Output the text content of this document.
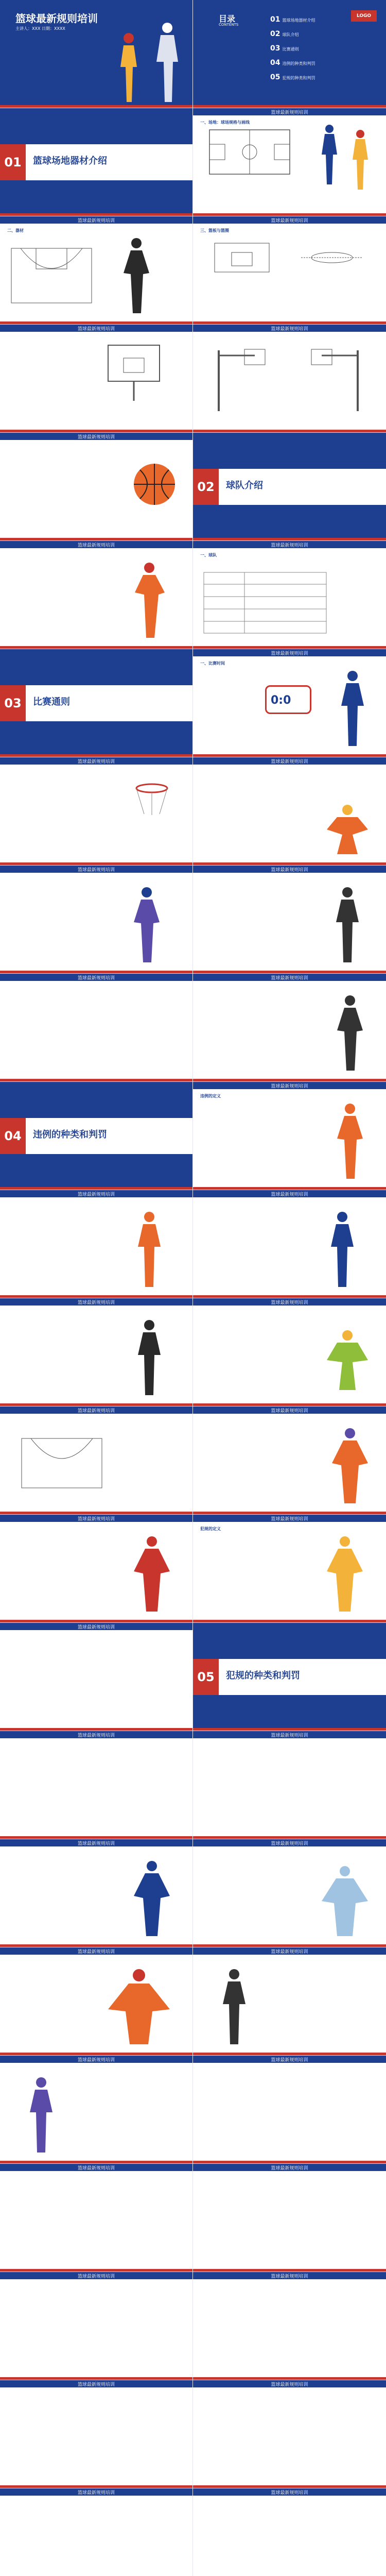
篮球最新规则培训
主讲人：XXX 日期：XXXX
目录
CONTENTS
LOGO
01 篮球场地器材介绍
02 球队介绍
03 比赛通则
04 违例的种类和判罚
05 犯规的种类和判罚
01	篮球场地器材介绍
篮球最新规则培训
一、场地：球场规格与画线
篮球最新规则培训
二、器材
篮球最新规则培训
三、篮板与篮圈
篮球最新规则培训	篮球最新规则培训
篮球最新规则培训
02	球队介绍
篮球最新规则培训	篮球最新规则培训
一、球队
03	比赛通则
篮球最新规则培训
一、比赛时间
0:0
篮球最新规则培训	篮球最新规则培训
篮球最新规则培训	篮球最新规则培训
篮球最新规则培训	篮球最新规则培训
04	违例的种类和判罚
篮球最新规则培训
违例的定义
篮球最新规则培训	篮球最新规则培训
篮球最新规则培训	篮球最新规则培训
篮球最新规则培训	篮球最新规则培训
篮球最新规则培训	篮球最新规则培训
犯规的定义
篮球最新规则培训
05	犯规的种类和判罚
篮球最新规则培训	篮球最新规则培训
篮球最新规则培训	篮球最新规则培训
篮球最新规则培训	篮球最新规则培训
篮球最新规则培训	篮球最新规则培训
篮球最新规则培训	篮球最新规则培训
篮球最新规则培训	篮球最新规则培训
篮球最新规则培训	篮球最新规则培训
篮球最新规则培训	篮球最新规则培训
